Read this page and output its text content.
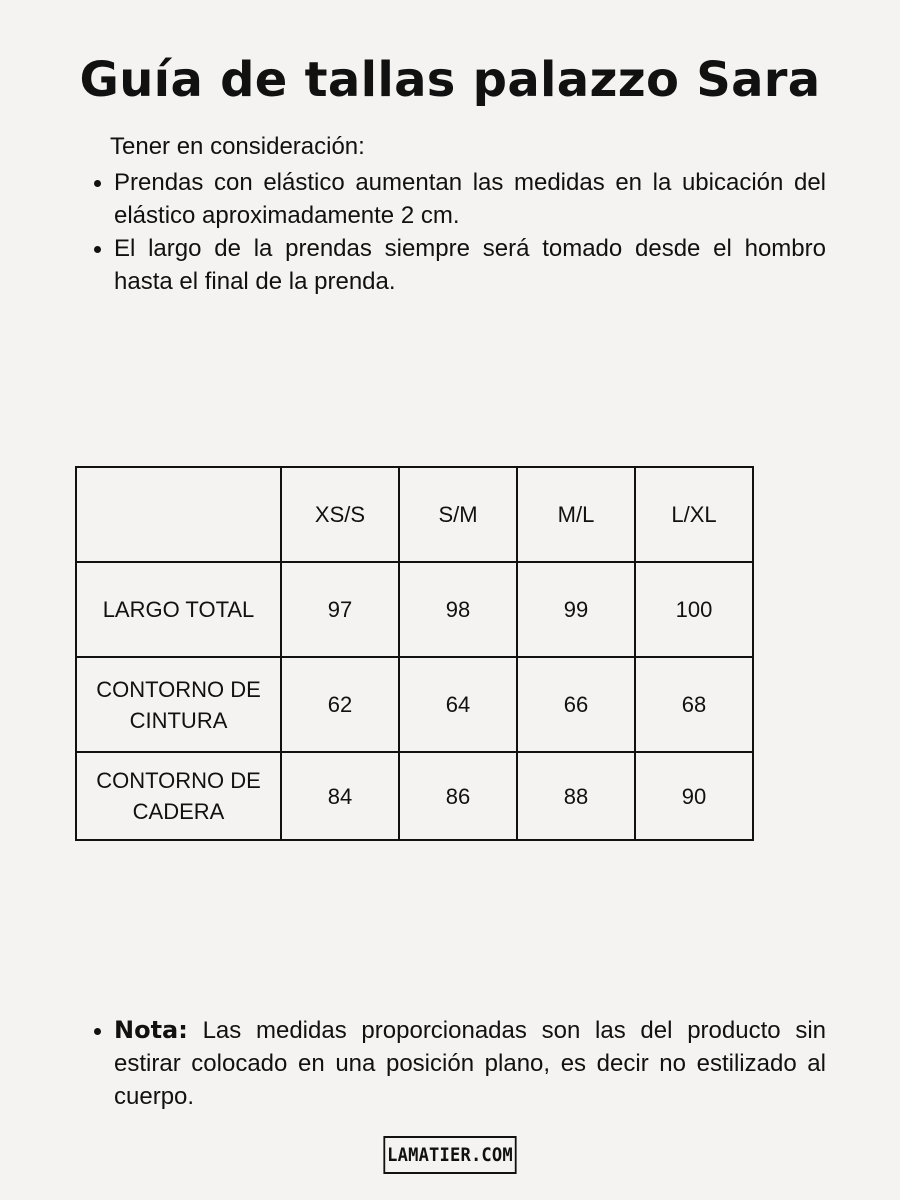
Guía de tallas palazzo Sara

Tener en consideración:

Prendas con elástico aumentan las medidas en la ubicación del elástico aproximadamente 2 cm.
El largo de la prendas siempre será tomado desde el hombro hasta el final de la prenda.
	XS/S	S/M	M/L	L/XL
LARGO TOTAL	97	98	99	100
CONTORNO DE CINTURA	62	64	66	68
CONTORNO DE CADERA	84	86	88	90
Nota: Las medidas proporcionadas son las del producto sin estirar colocado en una posición plano, es decir no estilizado al cuerpo.
LAMATIER.COM
